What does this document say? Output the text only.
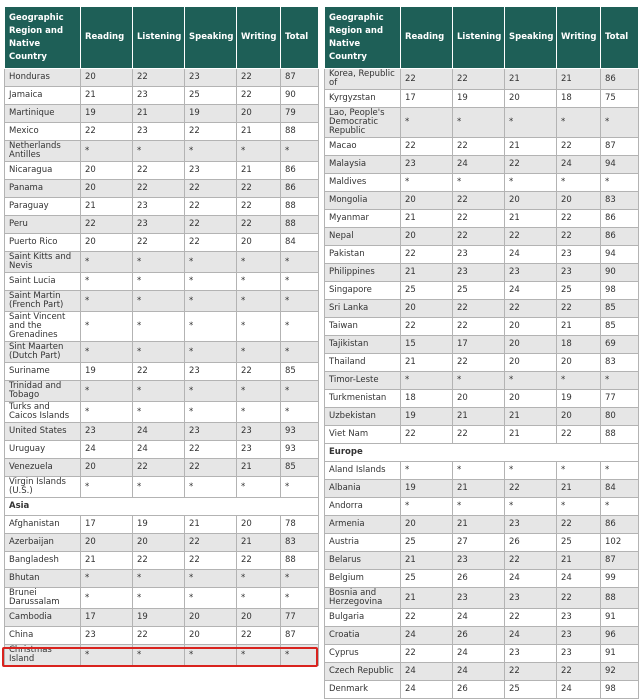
Geographic Region and Native Country	Reading	Listening	Speaking	Writing	Total
Honduras	20	22	23	22	87
Jamaica	21	23	25	22	90
Martinique	19	21	19	20	79
Mexico	22	23	22	21	88
Netherlands Antilles	*	*	*	*	*
Nicaragua	20	22	23	21	86
Panama	20	22	22	22	86
Paraguay	21	23	22	22	88
Peru	22	23	22	22	88
Puerto Rico	20	22	22	20	84
Saint Kitts and Nevis	*	*	*	*	*
Saint Lucia	*	*	*	*	*
Saint Martin (French Part)	*	*	*	*	*
Saint Vincent and the Grenadines	*	*	*	*	*
Sint Maarten (Dutch Part)	*	*	*	*	*
Suriname	19	22	23	22	85
Trinidad and Tobago	*	*	*	*	*
Turks and Caicos Islands	*	*	*	*	*
United States	23	24	23	23	93
Uruguay	24	24	22	23	93
Venezuela	20	22	22	21	85
Virgin Islands (U.S.)	*	*	*	*	*
Asia					
Afghanistan	17	19	21	20	78
Azerbaijan	20	20	22	21	83
Bangladesh	21	22	22	22	88
Bhutan	*	*	*	*	*
Brunei Darussalam	*	*	*	*	*
Cambodia	17	19	20	20	77
China	23	22	20	22	87
Christmas Island	*	*	*	*	*
Geographic Region and Native Country	Reading	Listening	Speaking	Writing	Total
Korea, Republic of	22	22	21	21	86
Kyrgyzstan	17	19	20	18	75
Lao, People's Democratic Republic	*	*	*	*	*
Macao	22	22	21	22	87
Malaysia	23	24	22	24	94
Maldives	*	*	*	*	*
Mongolia	20	22	20	20	83
Myanmar	21	22	21	22	86
Nepal	20	22	22	22	86
Pakistan	22	23	24	23	94
Philippines	21	23	23	23	90
Singapore	25	25	24	25	98
Sri Lanka	20	22	22	22	85
Taiwan	22	22	20	21	85
Tajikistan	15	17	20	18	69
Thailand	21	22	20	20	83
Timor-Leste	*	*	*	*	*
Turkmenistan	18	20	20	19	77
Uzbekistan	19	21	21	20	80
Viet Nam	22	22	21	22	88
Europe					
Aland Islands	*	*	*	*	*
Albania	19	21	22	21	84
Andorra	*	*	*	*	*
Armenia	20	21	23	22	86
Austria	25	27	26	25	102
Belarus	21	23	22	21	87
Belgium	25	26	24	24	99
Bosnia and Herzegovina	21	23	23	22	88
Bulgaria	22	24	22	23	91
Croatia	24	26	24	23	96
Cyprus	22	24	23	23	91
Czech Republic	24	24	22	22	92
Denmark	24	26	25	24	98
